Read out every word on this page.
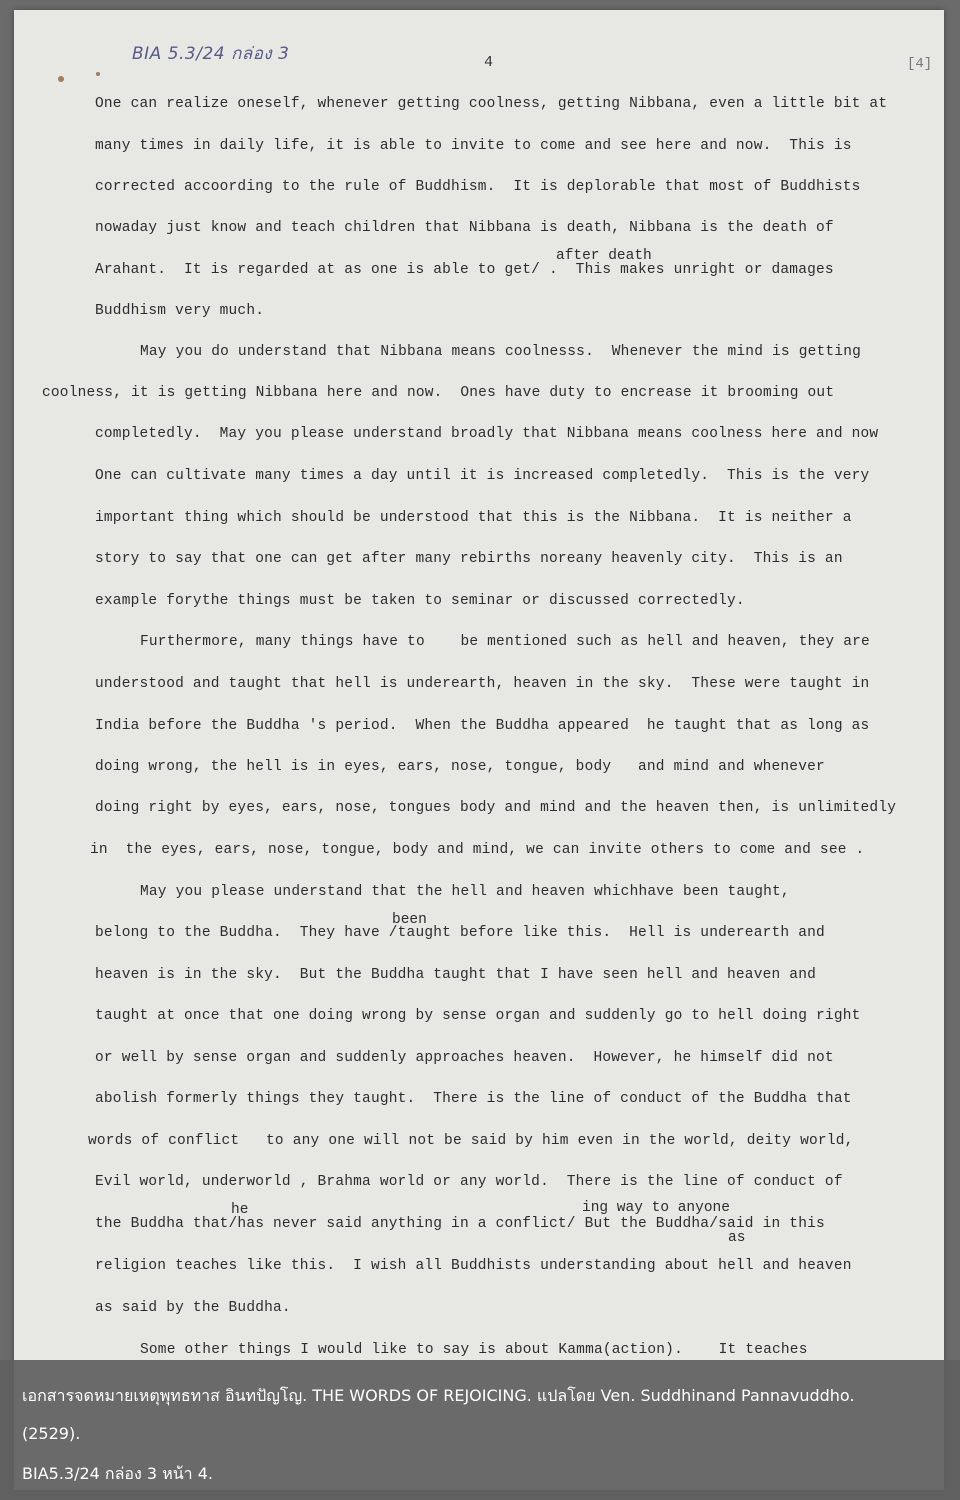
BIA 5.3/24 กล่อง 3	4	[4]
One can realize oneself, whenever getting coolness, getting Nibbana, even a little bit at
many times in daily life, it is able to invite to come and see here and now.  This is
corrected accoording to the rule of Buddhism.  It is deplorable that most of Buddhists
nowaday just know and teach children that Nibbana is death, Nibbana is the death of
after death
Arahant.  It is regarded at as one is able to get/ .  This makes unright or damages
Buddhism very much.
May you do understand that Nibbana means coolnesss.  Whenever the mind is getting
coolness, it is getting Nibbana here and now.  Ones have duty to encrease it brooming out
completedly.  May you please understand broadly that Nibbana means coolness here and now
One can cultivate many times a day until it is increased completedly.  This is the very
important thing which should be understood that this is the Nibbana.  It is neither a
story to say that one can get after many rebirths noreany heavenly city.  This is an
example forythe things must be taken to seminar or discussed correctedly.
Furthermore, many things have to    be mentioned such as hell and heaven, they are
understood and taught that hell is underearth, heaven in the sky.  These were taught in
India before the Buddha 's period.  When the Buddha appeared  he taught that as long as
doing wrong, the hell is in eyes, ears, nose, tongue, body   and mind and whenever
doing right by eyes, ears, nose, tongues body and mind and the heaven then, is unlimitedly
in  the eyes, ears, nose, tongue, body and mind, we can invite others to come and see .
May you please understand that the hell and heaven whichhave been taught,
been
belong to the Buddha.  They have /taught before like this.  Hell is underearth and
heaven is in the sky.  But the Buddha taught that I have seen hell and heaven and
taught at once that one doing wrong by sense organ and suddenly go to hell doing right
or well by sense organ and suddenly approaches heaven.  However, he himself did not
abolish formerly things they taught.  There is the line of conduct of the Buddha that
words of conflict   to any one will not be said by him even in the world, deity world,
Evil world, underworld , Brahma world or any world.  There is the line of conduct of
he	ing way to anyone
the Buddha that/has never said anything in a conflict/ But the Buddha/said in this
as
religion teaches like this.  I wish all Buddhists understanding about hell and heaven
as said by the Buddha.
Some other things I would like to say is about Kamma(action).    It teaches
เอกสารจดหมายเหตุพุทธทาส อินทปัญโญ. THE WORDS OF REJOICING. แปลโดย Ven. Suddhinand Pannavuddho.
(2529).
BIA5.3/24 กล่อง 3 หน้า 4.
